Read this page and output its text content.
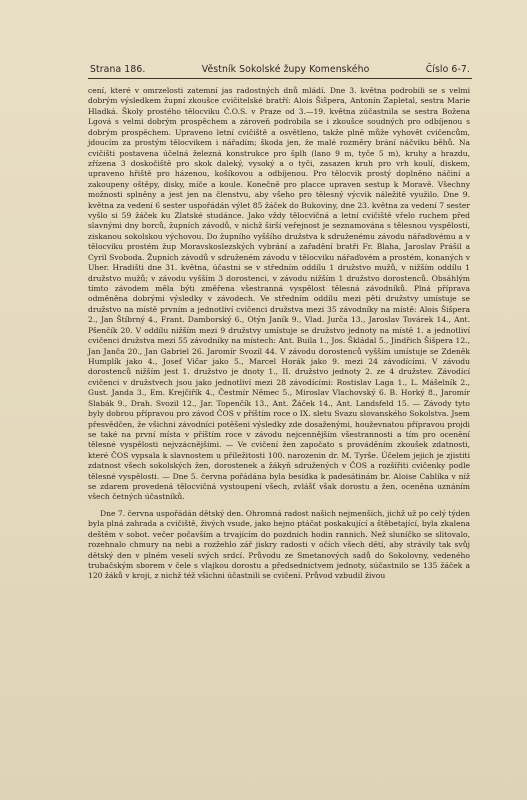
Strana 186.	Věstník Sokolské župy Komenského	Číslo 6-7.

cení, které v omrzelosti zatemní jas radostných dnů mládí. Dne 3. května podrobili se s velmi dobrým výsledkem župní zkoušce cvičitelské bratří: Alois Šišpera, Antonín Zapletal, sestra Marie Hladká. Školy prostého tělocviku Č.O.S. v Praze od 3.—19. května zúčastnila se sestra Božena Lgová s velmi dobrým prospěchem a zároveň podrobila se i zkoušce soudných pro odbíjenou s dobrým prospěchem. Upraveno letní cvičiště a osvětleno, takže plně může vyhovět cvičencům, jdoucím za prostým tělocvikem i nářadím; škoda jen, že malé rozměry brání náčviku běhů. Na cvičišti postavena účelná železná konstrukce pro šplh (lano 9 m, tyče 5 m), kruhy a hrazdu, zřízena 3 doskočiště pro skok daleký, vysoký a o tyči, zasazen kruh pro vrh koulí, diskem, upraveno hřiště pro házenou, košíkovou a odbíjenou. Pro tělocvik prostý doplněno náčiní a zakoupeny oštěpy, disky, míče a koule. Konečně pro placce upraven sestup k Moravě. Všechny možnosti splněny a jest jen na členstvu, aby všeho pro tělesný výcvik náležitě využilo. Dne 9. května za vedení 6 sester uspořádán výlet 85 žáček do Bukoviny, dne 23. května za vedení 7 sester vyšlo si 59 žáček ku Zlatské studánce. Jako vždy tělocvičná a letní cvičiště vřelo ruchem před slavnými dny borců, župních závodů, v nichž širší veřejnost je seznamována s tělesnou vyspělostí, ziskanou sokolskou výchovou. Do župního vyššího družstva k sdruženému závodu nářaďovému a v tělocviku prostém žup Moravskoslezských vybrání a zařadění bratři Fr. Blaha, Jaroslav Prášil a Cyril Svoboda. Župních závodů v sdruženém závodu v tělocviku nářaďovém a prostém, konaných v Uher. Hradišti dne 31. května, účastni se v středním oddílu 1 družstvo mužů, v nižším oddílu 1 družstvo mužů; v závodu vyšším 3 dorostenci, v závodu nižším 1 družstvo dorostenců. Obsáhlým tímto závodem měla býti změřena všestranná vyspělost tělesná závodníků. Plná příprava odměněna dobrými výsledky v závodech. Ve středním oddílu mezi pěti družstvy umístuje se družstvo na místě prvním a jednotliví cvičenci družstva mezi 35 závodníky na místě: Alois Šišpera 2., Jan Štíbrný 4., Frant. Damborský 6., Otýn Janík 9., Vlad. Jurča 13., Jaroslav Továrek 14., Ant. Pšenčík 20. V oddílu nižším mezi 9 družstvy umístuje se družstvo jednoty na místě 1. a jednotliví cvičenci družstva mezi 55 závodníky na místech: Ant. Buila 1., Jos. Škládal 5., Jindřich Šišpera 12., Jan Janča 20., Jan Gabriel 26. Jaromír Svozil 44. V závodu dorostenců vyšším umístuje se Zdeněk Humplík jako 4., Josef Vičar jako 5., Marcel Horák jako 9. mezi 24 závodícími. V závodu dorostenců nižším jest 1. družstvo je dnoty 1., II. družstvo jednoty 2. ze 4 družstev. Závodící cvičenci v družstvech jsou jako jednotliví mezi 28 závodícími: Rostislav Laga 1., L. Mášelník 2., Gust. Janda 3., Em. Krejčiřík 4., Čestmír Němec 5., Miroslav Vlachovský 6. B. Horký 8., Jaromír Slabák 9., Drah. Svozil 12., Jar. Topenčík 13., Ant. Žáček 14., Ant. Landsfeld 15. — Závody tyto byly dobrou přípravou pro závod ČOS v příštím roce o IX. sletu Svazu slovanského Sokolstva. Jsem přesvědčen, že všichni závodníci potěšeni výsledky zde dosaženými, houževnatou přípravou projdi se také na první místa v příštím roce v závodu nejcennějším všestrannosti a tím pro ocenění tělesné vyspělosti nejvzácnějšími. — Ve cvičení žen započato s prováděním zkoušek zdatnosti, které ČOS vypsala k slavnostem u příležitosti 100. narozenin dr. M. Tyrše. Účelem jejich je zjistiti zdatnost všech sokolských žen, dorostenek a žákyň sdružených v ČOS a rozšířiti cvičenky podle tělesné vyspělosti. — Dne 5. června pořádána byla besídka k padesátinám br. Aloise Cablíka v níž se zdarem provedená tělocvičná vystoupení všech, zvlášť však dorostu a žen, oceněna uznáním všech četných účastníků.

Dne 7. června uspořádán dětský den. Ohromná radost našich nejmenších, jichž už po celý týden byla plná zahrada a cvičiště, živých vsude, jako hejno ptáčat poskakující a štěbetající, byla zkalena deštěm v sobot. večer počavším a trvajícím do pozdních hodin rannich. Než sluníčko se slitovalo, rozehnalo chmury na nebi a rozžehlo zář jiskry radosti v očích všech dětí, aby strávily tak svůj dětský den v plném veselí svých srdcí. Průvodu ze Smetanových sadů do Sokolovny, vedeného trubačským sborem v čele s vlajkou dorostu a předsednictvem jednoty, súčastnilo se 135 žáček a 120 žáků v kroji, z nichž též všichni účastnili se cvičení. Průvod vzbudil živou
